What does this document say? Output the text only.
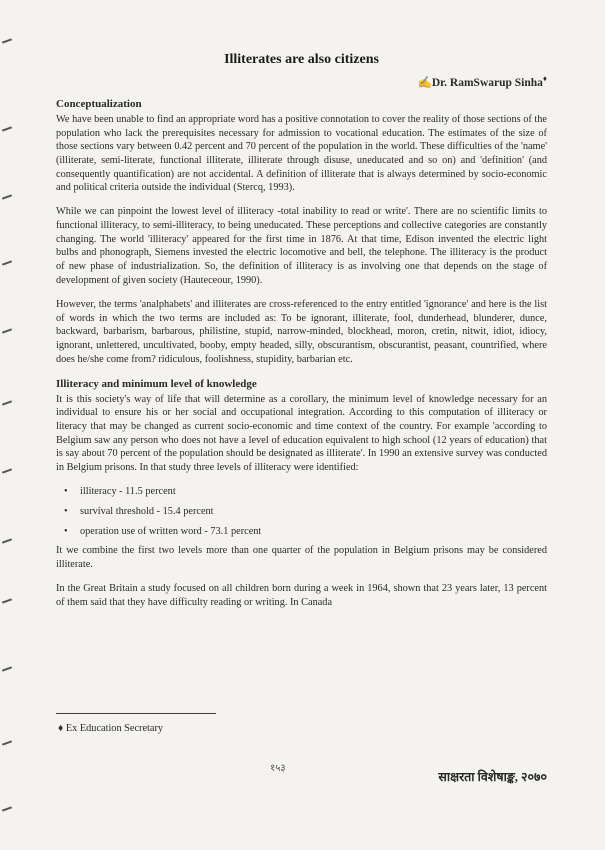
Illiterates are also citizens
✍Dr. RamSwarup Sinha♦
Conceptualization

We have been unable to find an appropriate word has a positive connotation to cover the reality of those sections of the population who lack the prerequisites necessary for admission to vocational education. The estimates of the size of those sections vary between 0.42 percent and 70 percent of the population in the world. These difficulties of the 'name' (illiterate, semi-literate, functional illiterate, illiterate through disuse, uneducated and so on) and 'definition' (and consequently quantification) are not accidental. A definition of illiterate that is always determined by socio-economic and political criteria outside the individual (Stercq, 1993).

While we can pinpoint the lowest level of illiteracy -total inability to read or write'. There are no scientific limits to functional illiteracy, to semi-illiteracy, to being uneducated. These perceptions and collective categories are constantly changing. The world 'illiteracy' appeared for the first time in 1876. At that time, Edison invented the electric light bulbs and phonograph, Siemens invested the electric locomotive and bell, the telephone. The illiteracy is the product of new phase of industrialization. So, the definition of illiteracy is as involving one that depends on the stage of development of given society (Hauteceour, 1990).

However, the terms 'analphabets' and illiterates are cross-referenced to the entry entitled 'ignorance' and here is the list of words in which the two terms are included as: To be ignorant, illiterate, fool, dunderhead, blunderer, dunce, backward, barbarism, barbarous, philistine, stupid, narrow-minded, blockhead, moron, cretin, nitwit, idiot, idiocy, ignorant, unlettered, uncultivated, booby, empty headed, silly, obscurantism, obscurantist, peasant, countrified, where does he/she come from? ridiculous, foolishness, stupidity, barbarian etc.

Illiteracy and minimum level of knowledge

It is this society's way of life that will determine as a corollary, the minimum level of knowledge necessary for an individual to ensure his or her social and occupational integration. According to this computation of illiteracy or literacy that may be changed as current socio-economic and time context of the country. For example 'according to Belgium saw any person who does not have a level of education equivalent to high school (12 years of education) that is say about 70 percent of the population should be designated as illiterate'. In 1990 an extensive survey was conducted in Belgium prisons. In that study three levels of illiteracy were identified:

• illiteracy - 11.5 percent
• survival threshold - 15.4 percent
• operation use of written word - 73.1 percent

It we combine the first two levels more than one quarter of the population in Belgium prisons may be considered illiterate.

In the Great Britain a study focused on all children born during a week in 1964, shown that 23 years later, 13 percent of them said that they have difficulty reading or writing. In Canada

♦ Ex Education Secretary
१५३
साक्षरता विशेषाङ्क, २०७०
